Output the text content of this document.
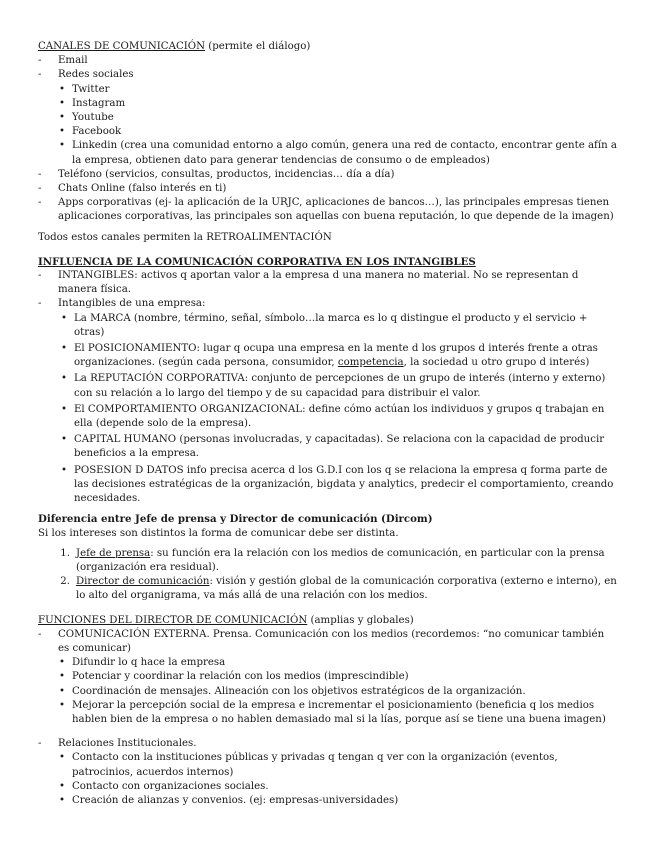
CANALES DE COMUNICACIÓN (permite el diálogo)
-	Email
-	Redes sociales
• Twitter
• Instagram
• Youtube
• Facebook
• Linkedin (crea una comunidad entorno a algo común, genera una red de contacto, encontrar gente afín a la empresa, obtienen dato para generar tendencias de consumo o de empleados)
-	Teléfono (servicios, consultas, productos, incidencias… día a día)
-	Chats Online (falso interés en ti)
-	Apps corporativas (ej- la aplicación de la URJC, aplicaciones de bancos…), las principales empresas tienen aplicaciones corporativas, las principales son aquellas con buena reputación, lo que depende de la imagen)
Todos estos canales permiten la RETROALIMENTACIÓN
INFLUENCIA DE LA COMUNICACIÓN CORPORATIVA EN LOS INTANGIBLES
-	INTANGIBLES: activos q aportan valor a la empresa d una manera no material. No se representan d manera física.
-	Intangibles de una empresa:
• La MARCA (nombre, término, señal, símbolo…la marca es lo q distingue el producto y el servicio + otras)
• El POSICIONAMIENTO: lugar q ocupa una empresa en la mente d los grupos d interés frente a otras organizaciones. (según cada persona, consumidor, competencia, la sociedad u otro grupo d interés)
• La REPUTACIÓN CORPORATIVA: conjunto de percepciones de un grupo de interés (interno y externo) con su relación a lo largo del tiempo y de su capacidad para distribuir el valor.
• El COMPORTAMIENTO ORGANIZACIONAL: define cómo actúan los individuos y grupos q trabajan en ella (depende solo de la empresa).
• CAPITAL HUMANO (personas involucradas, y capacitadas). Se relaciona con la capacidad de producir beneficios a la empresa.
• POSESION D DATOS info precisa acerca d los G.D.I con los q se relaciona la empresa q forma parte de las decisiones estratégicas de la organización, bigdata y analytics, predecir el comportamiento, creando necesidades.
Diferencia entre Jefe de prensa y Director de comunicación (Dircom)
Si los intereses son distintos la forma de comunicar debe ser distinta.
1. Jefe de prensa: su función era la relación con los medios de comunicación, en particular con la prensa (organización era residual).
2. Director de comunicación: visión y gestión global de la comunicación corporativa (externo e interno), en lo alto del organigrama, va más allá de una relación con los medios.
FUNCIONES DEL DIRECTOR DE COMUNICACIÓN (amplias y globales)
-	COMUNICACIÓN EXTERNA. Prensa. Comunicación con los medios (recordemos: “no comunicar también es comunicar)
• Difundir lo q hace la empresa
• Potenciar y coordinar la relación con los medios (imprescindible)
• Coordinación de mensajes. Alineación con los objetivos estratégicos de la organización.
• Mejorar la percepción social de la empresa e incrementar el posicionamiento (beneficia q los medios hablen bien de la empresa o no hablen demasiado mal si la lías, porque así se tiene una buena imagen)
-	Relaciones Institucionales.
• Contacto con la instituciones públicas y privadas q tengan q ver con la organización (eventos, patrocinios, acuerdos internos)
• Contacto con organizaciones sociales.
• Creación de alianzas y convenios. (ej: empresas-universidades)
